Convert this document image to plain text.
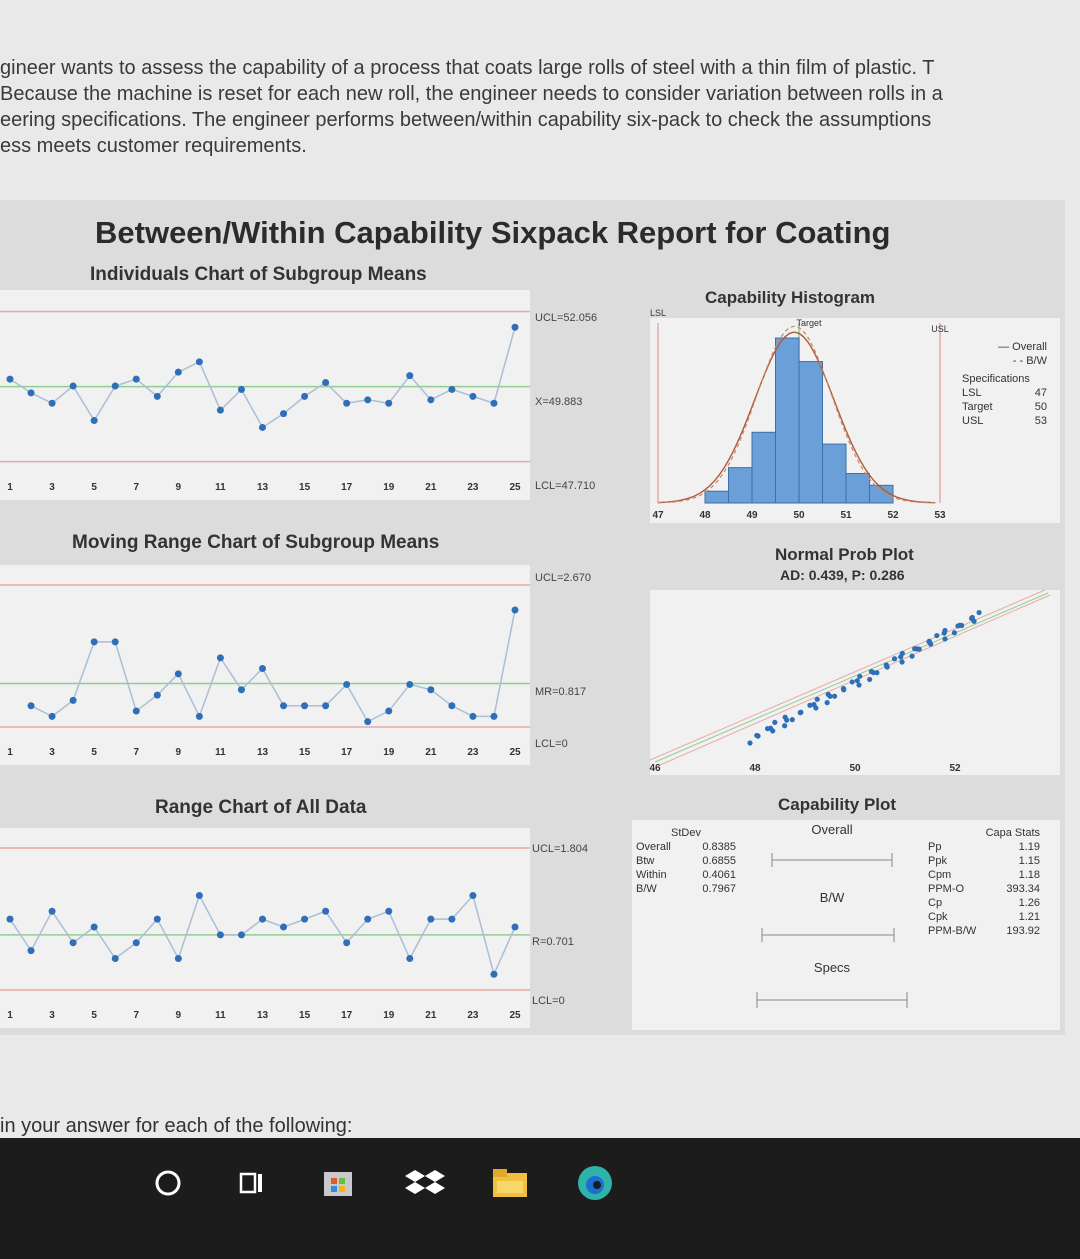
gineer wants to assess the capability of a process that coats large rolls of steel with a thin film of plastic. T
Because the machine is reset for each new roll, the engineer needs to consider variation between rolls in a
eering specifications. The engineer performs between/within capability six-pack to check the assumptions
ess meets customer requirements.
Between/Within Capability Sixpack Report for Coating
Individuals Chart of Subgroup Means
1	3	5	7	9	11	13	15	17	19	21	23	25
UCL=52.056
X=49.883
LCL=47.710
Moving Range Chart of Subgroup Means
1	3	5	7	9	11	13	15	17	19	21	23	25
UCL=2.670
MR=0.817
LCL=0
Range Chart of All Data
1	3	5	7	9	11	13	15	17	19	21	23	25
UCL=1.804
R=0.701
LCL=0
Capability Histogram
LSL
Target
USL
47	48	49	50	51	52	53
— Overall
- - B/W
Specifications
LSL	47
Target	50
USL	53
Normal Prob Plot
AD: 0.439, P: 0.286
46	48	50	52
Capability Plot
Overall
B/W
Specs
StDev
Overall	0.8385
Btw	0.6855
Within	0.4061
B/W	0.7967
Capa Stats
Pp	1.19
Ppk	1.15
Cpm	1.18
PPM-O	393.34
Cp	1.26
Cpk	1.21
PPM-B/W	193.92
in your answer for each of the following:
